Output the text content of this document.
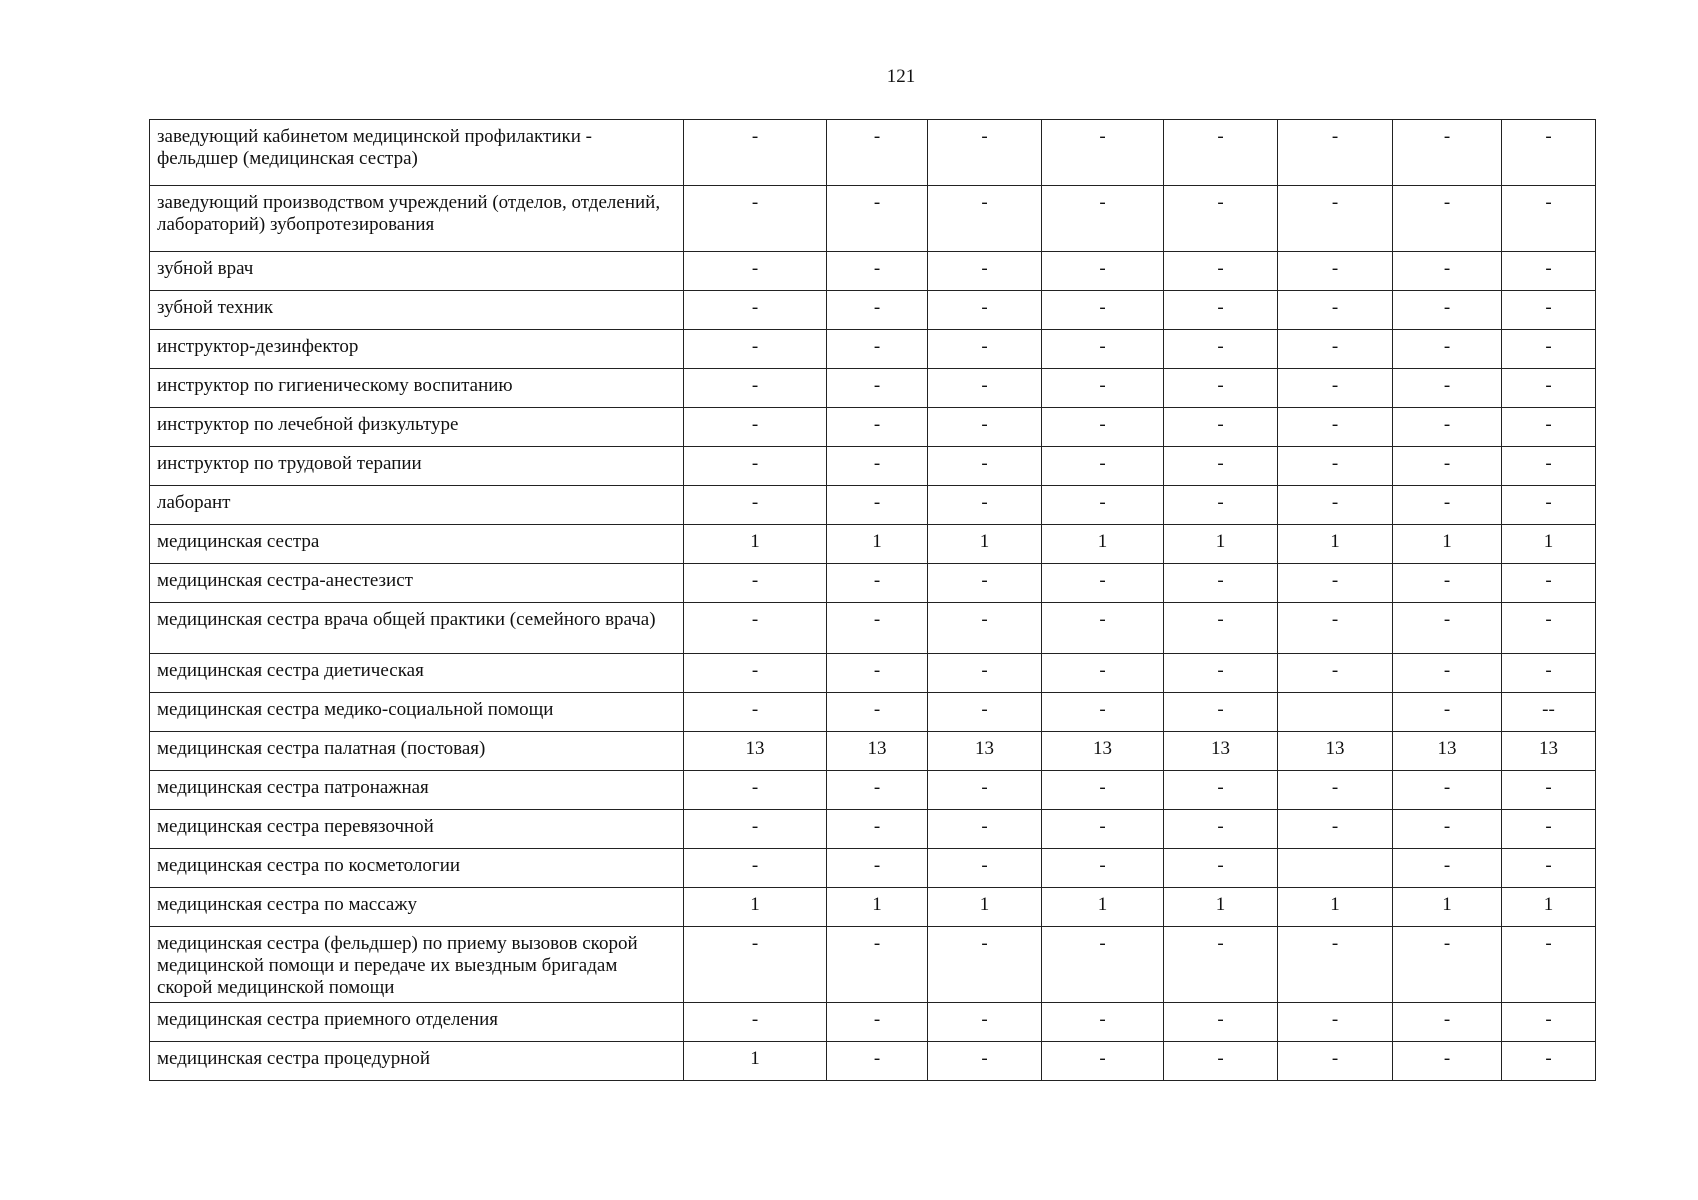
121
заведующий кабинетом медицинской профилактики - фельдшер (медицинская сестра)	-	-	-	-	-	-	-	-
заведующий производством учреждений (отделов, отделений, лабораторий) зубопротезирования	-	-	-	-	-	-	-	-
зубной врач	-	-	-	-	-	-	-	-
зубной техник	-	-	-	-	-	-	-	-
инструктор-дезинфектор	-	-	-	-	-	-	-	-
инструктор по гигиеническому воспитанию	-	-	-	-	-	-	-	-
инструктор по лечебной физкультуре	-	-	-	-	-	-	-	-
инструктор по трудовой терапии	-	-	-	-	-	-	-	-
лаборант	-	-	-	-	-	-	-	-
медицинская сестра	1	1	1	1	1	1	1	1
медицинская сестра-анестезист	-	-	-	-	-	-	-	-
медицинская сестра врача общей практики (семейного врача)	-	-	-	-	-	-	-	-
медицинская сестра диетическая	-	-	-	-	-	-	-	-
медицинская сестра медико-социальной помощи	-	-	-	-	-		-	--
медицинская сестра палатная (постовая)	13	13	13	13	13	13	13	13
медицинская сестра патронажная	-	-	-	-	-	-	-	-
медицинская сестра перевязочной	-	-	-	-	-	-	-	-
медицинская сестра по косметологии	-	-	-	-	-		-	-
медицинская сестра по массажу	1	1	1	1	1	1	1	1
медицинская сестра (фельдшер) по приему вызовов скорой медицинской помощи и передаче их выездным бригадам скорой медицинской помощи	-	-	-	-	-	-	-	-
медицинская сестра приемного отделения	-	-	-	-	-	-	-	-
медицинская сестра процедурной	1	-	-	-	-	-	-	-
